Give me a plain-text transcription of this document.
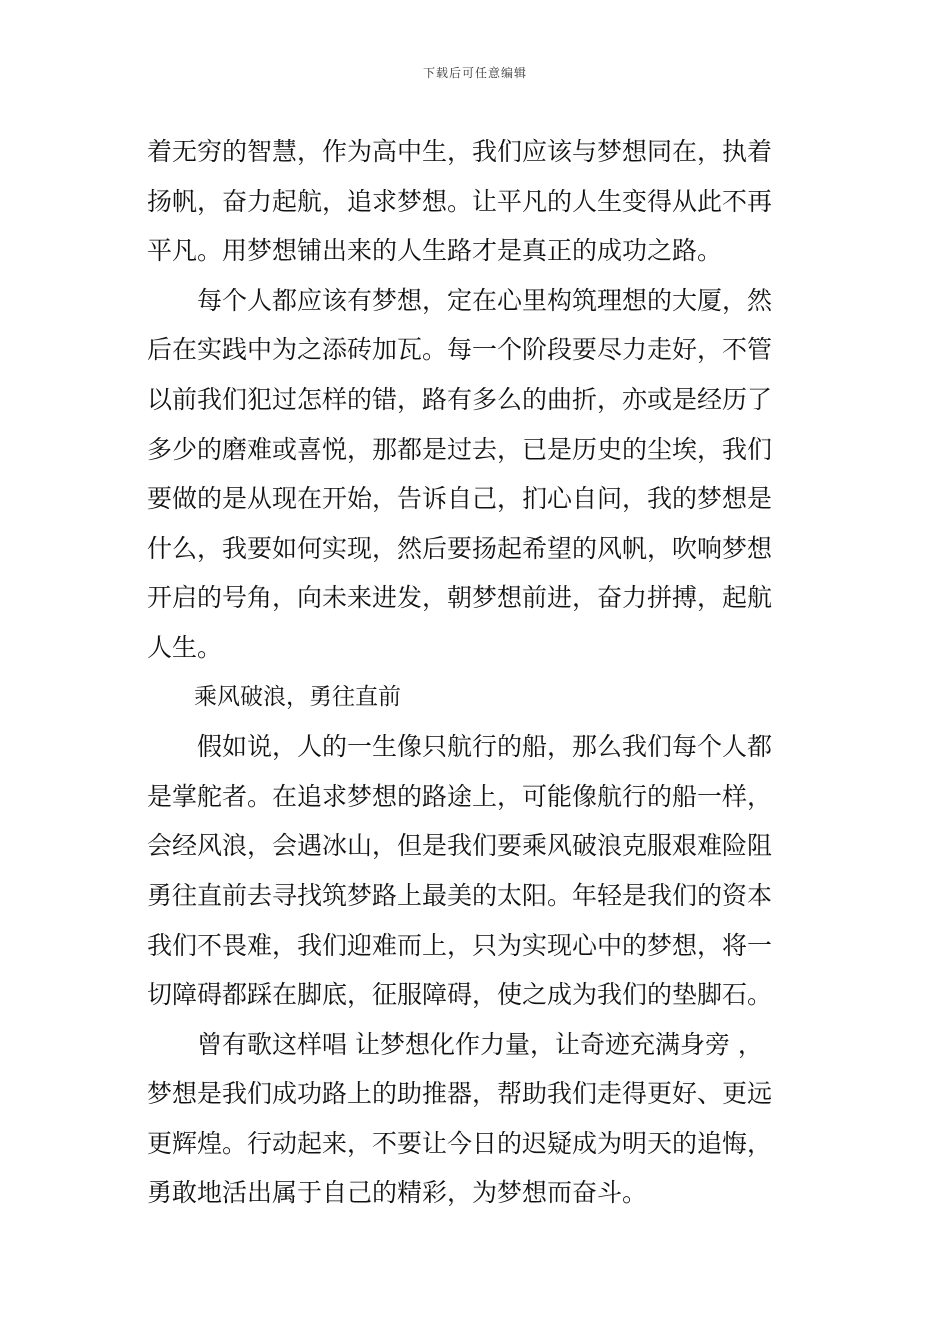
下载后可任意编辑
着无穷的智慧，作为高中生，我们应该与梦想同在，执着
扬帆，奋力起航，追求梦想。让平凡的人生变得从此不再
平凡。用梦想铺出来的人生路才是真正的成功之路。
每个人都应该有梦想，定在心里构筑理想的大厦，然
后在实践中为之添砖加瓦。每一个阶段要尽力走好，不管
以前我们犯过怎样的错，路有多么的曲折，亦或是经历了
多少的磨难或喜悦，那都是过去，已是历史的尘埃，我们
要做的是从现在开始，告诉自己，扪心自问，我的梦想是
什么，我要如何实现，然后要扬起希望的风帆，吹响梦想
开启的号角，向未来进发，朝梦想前进，奋力拼搏，起航
人生。
乘风破浪，勇往直前
假如说，人的一生像只航行的船，那么我们每个人都
是掌舵者。在追求梦想的路途上，可能像航行的船一样，
会经风浪，会遇冰山，但是我们要乘风破浪克服艰难险阻
勇往直前去寻找筑梦路上最美的太阳。年轻是我们的资本
我们不畏难，我们迎难而上，只为实现心中的梦想，将一
切障碍都踩在脚底，征服障碍，使之成为我们的垫脚石。
曾有歌这样唱 让梦想化作力量，让奇迹充满身旁 ，
梦想是我们成功路上的助推器，帮助我们走得更好、更远
更辉煌。行动起来，不要让今日的迟疑成为明天的追悔，
勇敢地活出属于自己的精彩，为梦想而奋斗。
